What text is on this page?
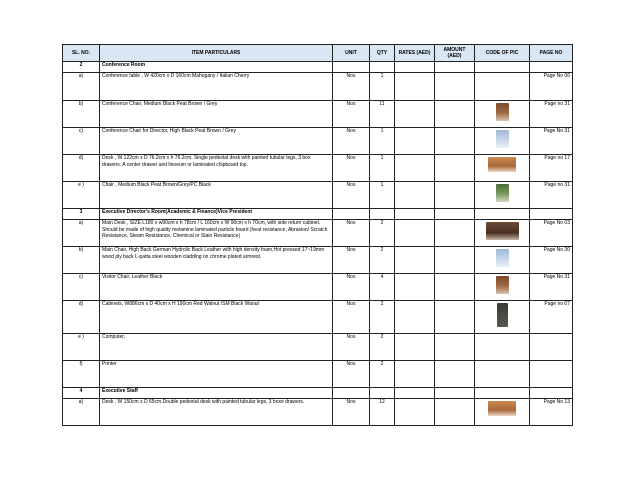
SL. NO.	ITEM PARTICULARS	UNIT	QTY	RATES (AED)	AMOUNT (AED)	CODE OF PIC	PAGE NO
2	Conference Room						
a)	Conference table , W 420cm x D 160cm Mahogany / Italian Cherry	Nos	1				Page No 06
b)	Conference Chair, Medium Black Peat Brown / Grey	Nos	11				Page no 31
c)	Conference Chair for Director, High Black Peat Brown / Grey	Nos	1				Page No 31
d)	Desk , W 122cm x D 76.2cm x h 76.2cm. Single pedestal desk with painted tubular legs, 3 box drawers. A center drawer and linoeum or laminated chipboard top.	Nos	1				Page no 17
e )	Chair , Medium Black Peat Brown/Grey/PC Black	Nos	1				Page no 31
3	Executive Director's Room(Academic & Finance)Vice President						
a)	Main Desk , SIZE L180 x w90cm x h 78cm / L 160cm x W 90cm x h 70cm, with side return cabinet. Should be made of high quality melamine laminated particle board (heat resistance, Abrasion/ Scratch Resistance, Steam Resistance, Chemical or Stain Resistance)	Nos	2				Page No 03
b)	Main Chair, High Back German Hydrolic Back Leather with high density foam,Hot pressed 17~19mm wood ply back L-patta steel wooden cladding on chrome plated armrest.	Nos	2				Page No 30
c)	Visitor Chair, Leather Black	Nos	4				Page No 31
d)	Cabinets, W886cm x D 40cm x H 190cm Red Walnut /SM Black Wanut	Nos	2				Page no 07
e )	Computer,	Nos	2				
f)	Printer	Nos	2				
4	Executive Staff						
a)	Desk , W 150cm x D 65cm.Double pedestal desk with painted tubular legs, 3 boxe drawers.	Nos	12				Page No 13
